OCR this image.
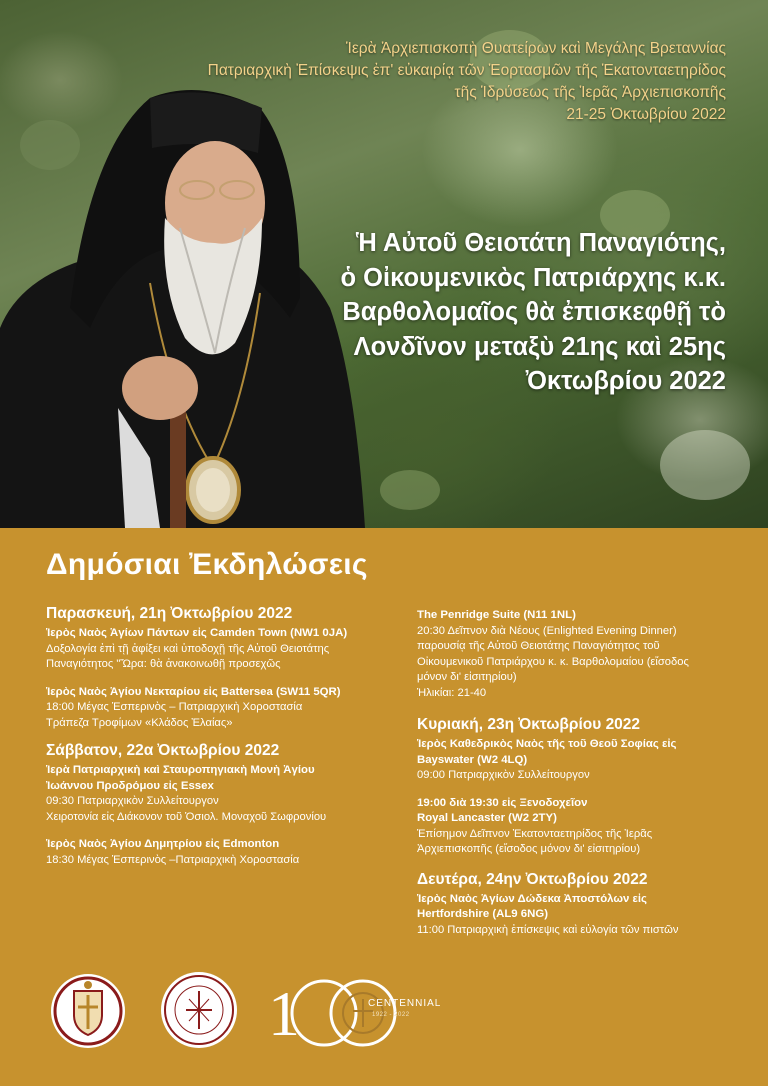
Ἱερὰ Ἀρχιεπισκοπὴ Θυατείρων καὶ Μεγάλης Βρεταννίας
Πατριαρχικὴ Ἐπίσκεψις ἐπ' εὐκαιρίᾳ τῶν Ἑορτασμῶν τῆς Ἑκατονταετηρίδος
τῆς Ἱδρύσεως τῆς Ἱερᾶς Ἀρχιεπισκοπῆς
21-25 Ὀκτωβρίου 2022
Ἡ Αὐτοῦ Θειοτάτη Παναγιότης,
ὁ Οἰκουμενικὸς Πατριάρχης κ.κ.
Βαρθολομαῖος θὰ ἐπισκεφθῇ τὸ
Λονδῖνον μεταξὺ 21ης καὶ 25ης
Ὀκτωβρίου 2022
Δημόσιαι Ἐκδηλώσεις
Παρασκευή, 21η Ὀκτωβρίου 2022
Ἱερὸς Ναὸς Ἁγίων Πάντων εἰς Camden Town (NW1 0JA)
Δοξολογία ἐπὶ τῇ ἀφίξει καὶ ὑποδοχῇ τῆς Αὐτοῦ Θειοτάτης
Παναγιότητος "Ὥρα: θὰ ἀνακοινωθῇ προσεχῶς
Ἱερὸς Ναὸς Ἁγίου Νεκταρίου εἰς Battersea (SW11 5QR)
18:00 Μέγας Ἑσπερινὸς – Πατριαρχικὴ Χοροστασία
Τράπεζα Τροφίμων «Κλάδος Ἐλαίας»
Σάββατον, 22α Ὀκτωβρίου 2022
Ἱερὰ Πατριαρχικὴ καὶ Σταυροπηγιακὴ Μονὴ Ἁγίου
Ἰωάννου Προδρόμου εἰς Essex
09:30 Πατριαρχικὸν Συλλείτουργον
Χειροτονία εἰς Διάκονον τοῦ Ὁσιολ. Μοναχοῦ Σωφρονίου
Ἱερὸς Ναὸς Ἁγίου Δημητρίου εἰς Edmonton
18:30 Μέγας Ἑσπερινὸς –Πατριαρχικὴ Χοροστασία
The Penridge Suite (N11 1NL)
20:30 Δεῖπνον διὰ Νέους (Enlighted Evening Dinner)
παρουσίᾳ τῆς Αὐτοῦ Θειοτάτης Παναγιότητος τοῦ
Οἰκουμενικοῦ Πατριάρχου κ. κ. Βαρθολομαίου (εἴσοδος
μόνον δι' εἰσιτηρίου)
Ἡλικίαι: 21-40
Κυριακή, 23η Ὀκτωβρίου 2022
Ἱερὸς Καθεδρικὸς Ναὸς τῆς τοῦ Θεοῦ Σοφίας εἰς
Bayswater (W2 4LQ)
09:00 Πατριαρχικὸν Συλλείτουργον
19:00 διὰ 19:30 εἰς Ξενοδοχεῖον
Royal Lancaster (W2 2TY)
Ἐπίσημον Δεῖπνον Ἑκατονταετηρίδος τῆς Ἱερᾶς
Ἀρχιεπισκοπῆς (εἴσοδος μόνον δι' εἰσιτηρίου)
Δευτέρα, 24ην Ὀκτωβρίου 2022
Ἱερὸς Ναὸς Ἁγίων Δώδεκα Ἀποστόλων εἰς
Hertfordshire (AL9 6NG)
11:00 Πατριαρχικὴ ἐπίσκεψις καὶ εὐλογία τῶν πιστῶν
1	CENTENNIAL
1922 - 2022
